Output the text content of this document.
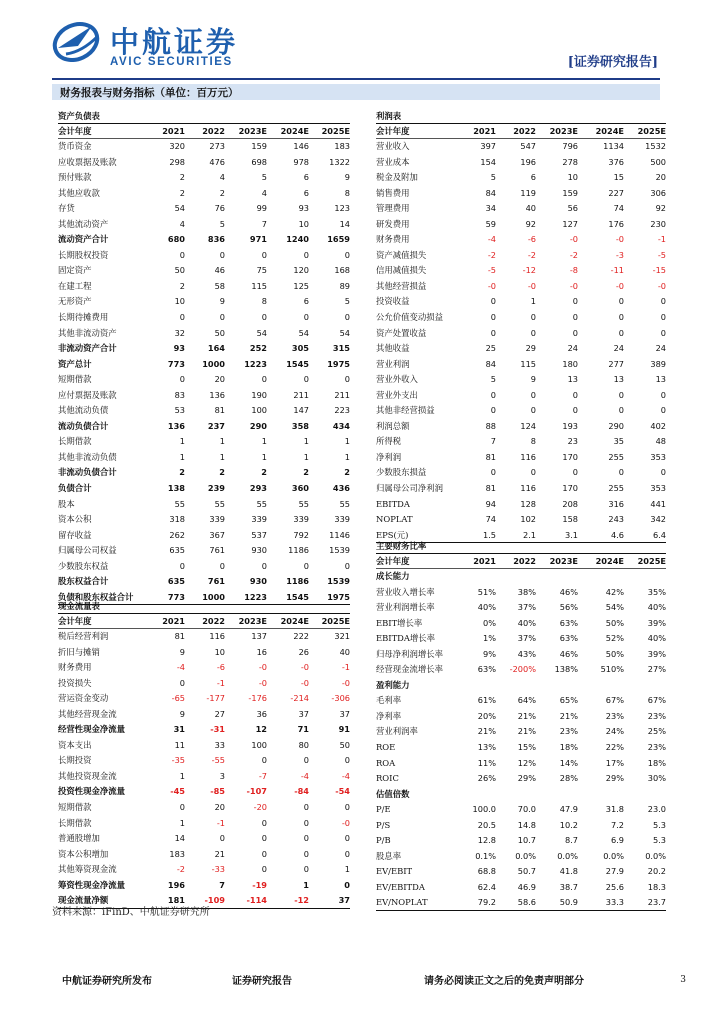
中航证券
AVIC SECURITIES	[证券研究报告]
财务报表与财务指标（单位：百万元）
资产负债表
会计年度	2021	2022	2023E	2024E	2025E
货币资金	320	273	159	146	183
应收票据及账款	298	476	698	978	1322
预付账款	2	4	5	6	9
其他应收款	2	2	4	6	8
存货	54	76	99	93	123
其他流动资产	4	5	7	10	14
流动资产合计	680	836	971	1240	1659
长期股权投资	0	0	0	0	0
固定资产	50	46	75	120	168
在建工程	2	58	115	125	89
无形资产	10	9	8	6	5
长期待摊费用	0	0	0	0	0
其他非流动资产	32	50	54	54	54
非流动资产合计	93	164	252	305	315
资产总计	773	1000	1223	1545	1975
短期借款	0	20	0	0	0
应付票据及账款	83	136	190	211	211
其他流动负债	53	81	100	147	223
流动负债合计	136	237	290	358	434
长期借款	1	1	1	1	1
其他非流动负债	1	1	1	1	1
非流动负债合计	2	2	2	2	2
负债合计	138	239	293	360	436
股本	55	55	55	55	55
资本公积	318	339	339	339	339
留存收益	262	367	537	792	1146
归属母公司权益	635	761	930	1186	1539
少数股东权益	0	0	0	0	0
股东权益合计	635	761	930	1186	1539
负债和股东权益合计	773	1000	1223	1545	1975
利润表
会计年度	2021	2022	2023E	2024E	2025E
营业收入	397	547	796	1134	1532
营业成本	154	196	278	376	500
税金及附加	5	6	10	15	20
销售费用	84	119	159	227	306
管理费用	34	40	56	74	92
研发费用	59	92	127	176	230
财务费用	-4	-6	-0	-0	-1
资产减值损失	-2	-2	-2	-3	-5
信用减值损失	-5	-12	-8	-11	-15
其他经营损益	-0	-0	-0	-0	-0
投资收益	0	1	0	0	0
公允价值变动损益	0	0	0	0	0
资产处置收益	0	0	0	0	0
其他收益	25	29	24	24	24
营业利润	84	115	180	277	389
营业外收入	5	9	13	13	13
营业外支出	0	0	0	0	0
其他非经营损益	0	0	0	0	0
利润总额	88	124	193	290	402
所得税	7	8	23	35	48
净利润	81	116	170	255	353
少数股东损益	0	0	0	0	0
归属母公司净利润	81	116	170	255	353
EBITDA	94	128	208	316	441
NOPLAT	74	102	158	243	342
EPS(元)	1.5	2.1	3.1	4.6	6.4
现金流量表
会计年度	2021	2022	2023E	2024E	2025E
税后经营利润	81	116	137	222	321
折旧与摊销	9	10	16	26	40
财务费用	-4	-6	-0	-0	-1
投资损失	0	-1	-0	-0	-0
营运资金变动	-65	-177	-176	-214	-306
其他经营现金流	9	27	36	37	37
经营性现金净流量	31	-31	12	71	91
资本支出	11	33	100	80	50
长期投资	-35	-55	0	0	0
其他投资现金流	1	3	-7	-4	-4
投资性现金净流量	-45	-85	-107	-84	-54
短期借款	0	20	-20	0	0
长期借款	1	-1	0	0	-0
普通股增加	14	0	0	0	0
资本公积增加	183	21	0	0	0
其他筹资现金流	-2	-33	0	0	1
筹资性现金净流量	196	7	-19	1	0
现金流量净额	181	-109	-114	-12	37
主要财务比率
会计年度	2021	2022	2023E	2024E	2025E
成长能力
营业收入增长率	51%	38%	46%	42%	35%
营业利润增长率	40%	37%	56%	54%	40%
EBIT增长率	0%	40%	63%	50%	39%
EBITDA增长率	1%	37%	63%	52%	40%
归母净利润增长率	9%	43%	46%	50%	39%
经营现金流增长率	63%	-200%	138%	510%	27%
盈利能力
毛利率	61%	64%	65%	67%	67%
净利率	20%	21%	21%	23%	23%
营业利润率	21%	21%	23%	24%	25%
ROE	13%	15%	18%	22%	23%
ROA	11%	12%	14%	17%	18%
ROIC	26%	29%	28%	29%	30%
估值倍数
P/E	100.0	70.0	47.9	31.8	23.0
P/S	20.5	14.8	10.2	7.2	5.3
P/B	12.8	10.7	8.7	6.9	5.3
股息率	0.1%	0.0%	0.0%	0.0%	0.0%
EV/EBIT	68.8	50.7	41.8	27.9	20.2
EV/EBITDA	62.4	46.9	38.7	25.6	18.3
EV/NOPLAT	79.2	58.6	50.9	33.3	23.7
资料来源：iFinD、中航证券研究所
中航证券研究所发布	证券研究报告	请务必阅读正文之后的免责声明部分	3
